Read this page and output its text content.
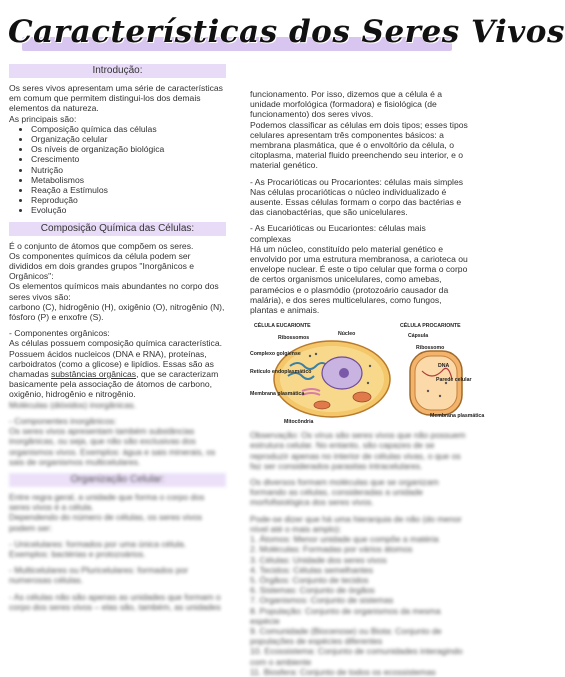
Características dos Seres Vivos
Introdução:

Os seres vivos apresentam uma série de características em comum que permitem distingui-los dos demais elementos da natureza.

As principais são:

• Composição química das células
• Organização celular
• Os níveis de organização biológica
• Crescimento
• Nutrição
• Metabolismos
• Reação a Estímulos
• Reprodução
• Evolução
Composição Química das Células:

É o conjunto de átomos que compõem os seres.

Os componentes químicos da célula podem ser divididos em dois grandes grupos "Inorgânicos e Orgânicos":

Os elementos químicos mais abundantes no corpo dos seres vivos são:

carbono (C), hidrogênio (H), oxigênio (O), nitrogênio (N), fósforo (P) e enxofre (S).

- Componentes orgânicos:

As células possuem composição química característica. Possuem ácidos nucleicos (DNA e RNA), proteínas, carboidratos (como a glicose) e lipídios. Essas são as chamadas substâncias orgânicas, que se caracterizam basicamente pela associação de átomos de carbono, oxigênio, hidrogênio e nitrogênio.

Moléculas (dióxidos) inorgânicas.

- Componentes inorgânicos:

Os seres vivos apresentam também substâncias inorgânicas, ou seja, que não são exclusivas dos organismos vivos. Exemplos: água e sais minerais, os sais de organismos multicelulares.

Organização Celular:

Entre regra geral, a unidade que forma o corpo dos seres vivos é a célula.

Dependendo do número de células, os seres vivos podem ser:

- Unicelulares: formados por uma única célula. Exemplos: bactérias e protozoários.

- Multicelulares ou Pluricelulares: formados por numerosas células.

- As células não são apenas as unidades que formam o corpo dos seres vivos – elas são, também, as unidades

funcionamento. Por isso, dizemos que a célula é a unidade morfológica (formadora) e fisiológica (de funcionamento) dos seres vivos.

Podemos classificar as células em dois tipos; esses tipos celulares apresentam três componentes básicos: a membrana plasmática, que é o envoltório da célula, o citoplasma, material fluido preenchendo seu interior, e o material genético.

- As Procarióticas ou Procariontes: células mais simples

Nas células procarióticas o núcleo individualizado é ausente. Essas células formam o corpo das bactérias e das cianobactérias, que são unicelulares.

- As Eucarióticas ou Eucariontes: células mais complexas

Há um núcleo, constituído pelo material genético e envolvido por uma estrutura membranosa, a carioteca ou envelope nuclear. É este o tipo celular que forma o corpo de certos organismos unicelulares, como amebas, paramécios e o plasmódio (protozoário causador da malária), e dos seres multicelulares, como fungos, plantas e animais.

CÉLULA EUCARIONTE	CÉLULA PROCARIONTE
Ribossomos
Núcleo
Complexo golgiense
Retículo endoplasmático
Membrana plasmática
Mitocôndria
Cápsula
Ribossomo
DNA
Parede celular
Membrana plasmática

Observação: Os vírus são seres vivos que não possuem estrutura celular. No entanto, são capazes de se reproduzir apenas no interior de células vivas, o que os faz ser considerados parasitas intracelulares.

Os diversos formam moléculas que se organizam formando as células, consideradas a unidade morfofisiológica dos seres vivos.

Pode-se dizer que há uma hierarquia de não (do menor nível até o mais amplo):

1. Átomos: Menor unidade que compõe a matéria

2. Moléculas: Formadas por vários átomos

3. Células: Unidade dos seres vivos

4. Tecidos: Células semelhantes

5. Órgãos: Conjunto de tecidos

6. Sistemas: Conjunto de órgãos

7. Organismos: Conjunto de sistemas

8. População: Conjunto de organismos da mesma espécie

9. Comunidade (Biocenose) ou Biota: Conjunto de populações de espécies diferentes

10. Ecossistema: Conjunto de comunidades interagindo com o ambiente

11. Biosfera: Conjunto de todos os ecossistemas
